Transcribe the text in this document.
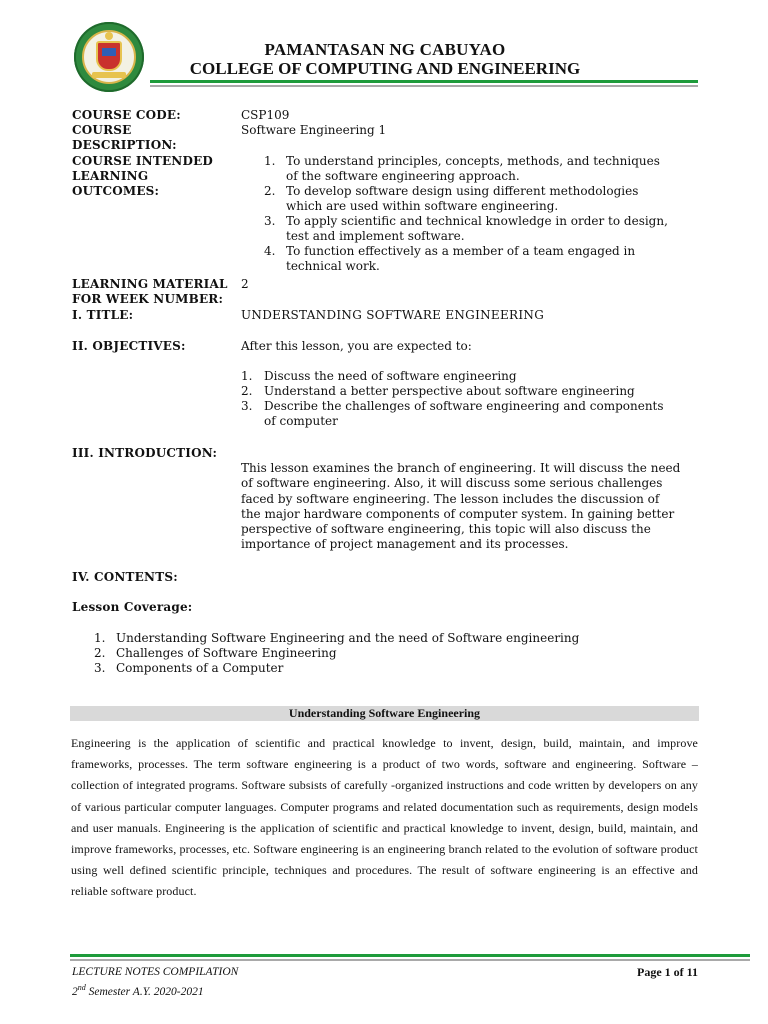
PAMANTASAN NG CABUYAO
COLLEGE OF COMPUTING AND ENGINEERING
COURSE CODE:	CSP109
COURSE
DESCRIPTION:
Software Engineering 1
COURSE INTENDED
LEARNING
OUTCOMES:
1. To understand principles, concepts, methods, and techniques
of the software engineering approach.
2. To develop software design using different methodologies
which are used within software engineering.
3. To apply scientific and technical knowledge in order to design,
test and implement software.
4. To function effectively as a member of a team engaged in
technical work.
LEARNING MATERIAL
FOR WEEK NUMBER:
2
I. TITLE:	UNDERSTANDING SOFTWARE ENGINEERING
II. OBJECTIVES:	After this lesson, you are expected to:
1. Discuss the need of software engineering
2. Understand a better perspective about software engineering
3. Describe the challenges of software engineering and components
of computer
III. INTRODUCTION:
This lesson examines the branch of engineering. It will discuss the need
of software engineering. Also, it will discuss some serious challenges
faced by software engineering. The lesson includes the discussion of
the major hardware components of computer system. In gaining better
perspective of software engineering, this topic will also discuss the
importance of project management and its processes.
IV. CONTENTS:
Lesson Coverage:
1. Understanding Software Engineering and the need of Software engineering
2. Challenges of Software Engineering
3. Components of a Computer
Understanding Software Engineering
Engineering is the application of scientific and practical knowledge to invent, design, build, maintain, and improve frameworks, processes. The term software engineering is a product of two words, software and engineering. Software – collection of integrated programs. Software subsists of carefully -organized instructions and code written by developers on any of various particular computer languages. Computer programs and related documentation such as requirements, design models and user manuals. Engineering is the application of scientific and practical knowledge to invent, design, build, maintain, and improve frameworks, processes, etc. Software engineering is an engineering branch related to the evolution of software product using well defined scientific principle, techniques and procedures. The result of software engineering is an effective and reliable software product.
LECTURE NOTES COMPILATION
2nd Semester A.Y. 2020-2021
Page 1 of 11
